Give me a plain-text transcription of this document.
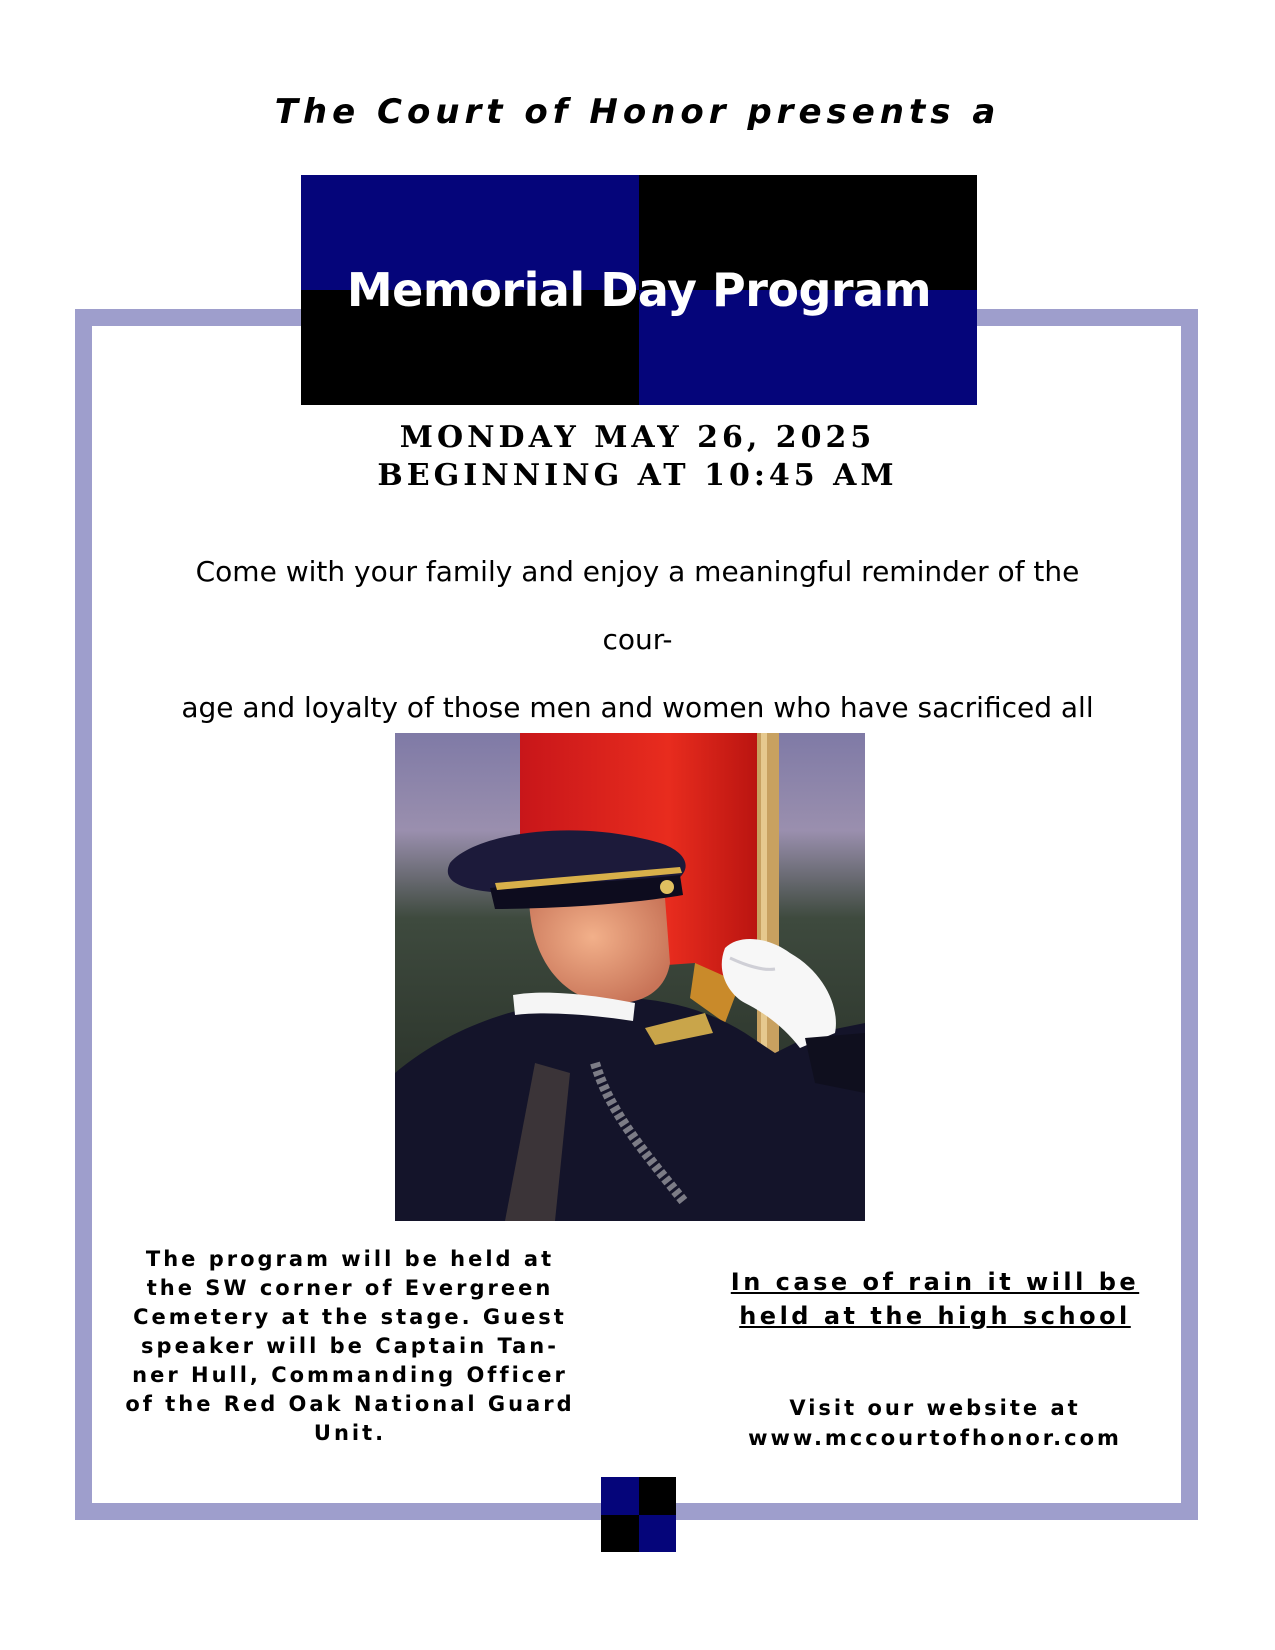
The Court of Honor presents a
Memorial Day Program
MONDAY MAY 26, 2025
BEGINNING AT 10:45 AM
Come with your family and enjoy a meaningful reminder of the cour-
age and loyalty of those men and women who have sacrificed all
The program will be held at
the SW corner of Evergreen
Cemetery at the stage. Guest
speaker will be Captain Tan-
ner Hull, Commanding Officer
of the Red Oak National Guard
Unit.
In case of rain it will be
held at the high school
Visit our website at
www.mccourtofhonor.com
